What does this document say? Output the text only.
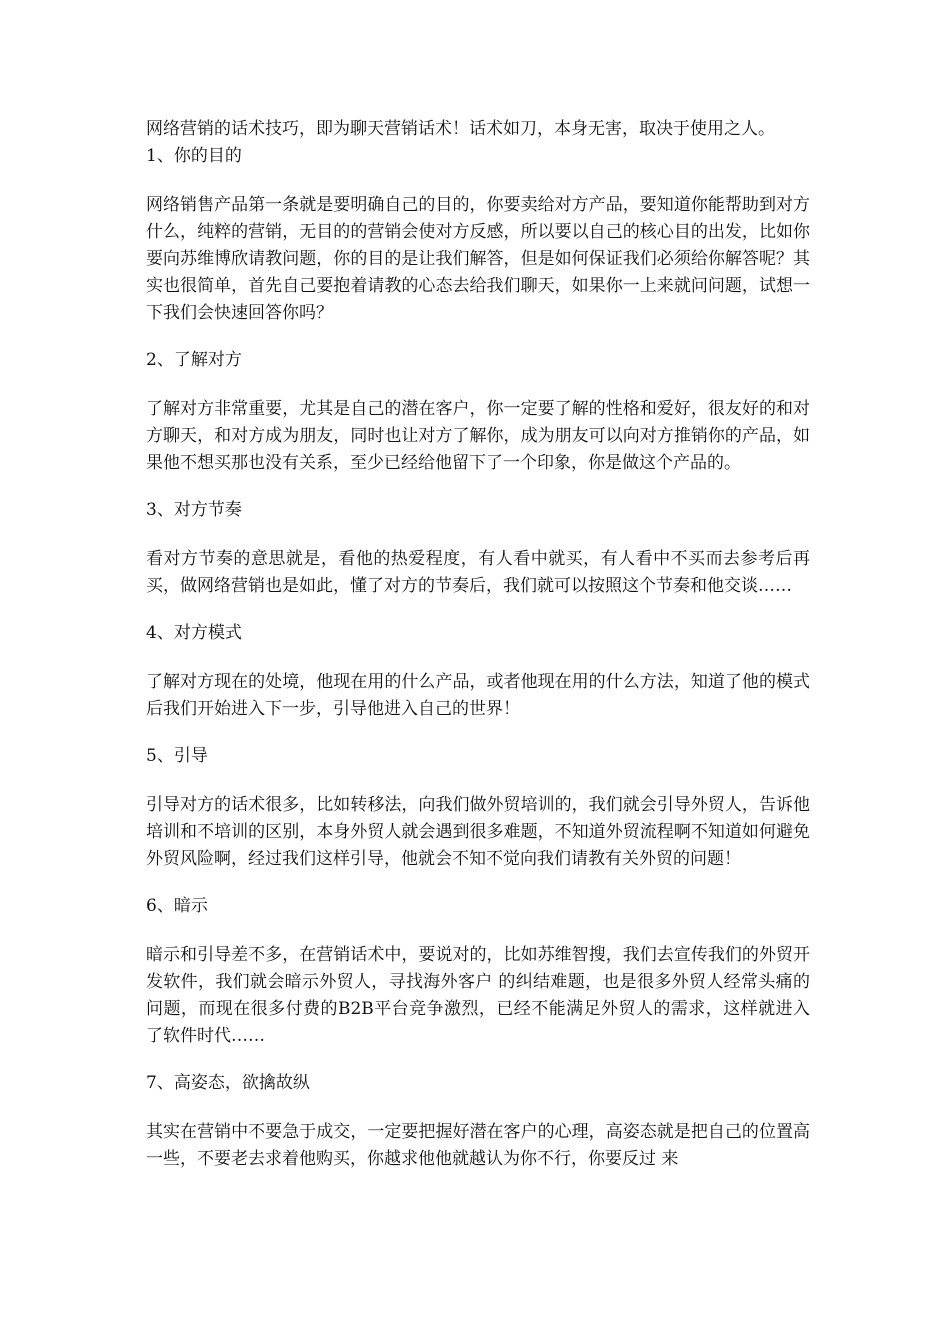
网络营销的话术技巧，即为聊天营销话术！话术如刀，本身无害，取决于使用之人。

1、你的目的

网络销售产品第一条就是要明确自己的目的，你要卖给对方产品，要知道你能帮助到对方什么，纯粹的营销，无目的的营销会使对方反感，所以要以自己的核心目的出发，比如你要向苏维博欣请教问题，你的目的是让我们解答，但是如何保证我们必须给你解答呢？其实也很简单，首先自己要抱着请教的心态去给我们聊天，如果你一上来就问问题，试想一下我们会快速回答你吗？

2、了解对方

了解对方非常重要，尤其是自己的潜在客户，你一定要了解的性格和爱好，很友好的和对方聊天，和对方成为朋友，同时也让对方了解你，成为朋友可以向对方推销你的产品，如果他不想买那也没有关系，至少已经给他留下了一个印象，你是做这个产品的。

3、对方节奏

看对方节奏的意思就是，看他的热爱程度，有人看中就买，有人看中不买而去参考后再买，做网络营销也是如此，懂了对方的节奏后，我们就可以按照这个节奏和他交谈……

4、对方模式

了解对方现在的处境，他现在用的什么产品，或者他现在用的什么方法，知道了他的模式后我们开始进入下一步，引导他进入自己的世界！

5、引导

引导对方的话术很多，比如转移法，向我们做外贸培训的，我们就会引导外贸人，告诉他培训和不培训的区别，本身外贸人就会遇到很多难题，不知道外贸流程啊不知道如何避免外贸风险啊，经过我们这样引导，他就会不知不觉向我们请教有关外贸的问题！

6、暗示

暗示和引导差不多，在营销话术中，要说对的，比如苏维智搜，我们去宣传我们的外贸开发软件，我们就会暗示外贸人，寻找海外客户 的纠结难题，也是很多外贸人经常头痛的问题，而现在很多付费的B2B平台竞争激烈，已经不能满足外贸人的需求，这样就进入了软件时代……

7、高姿态，欲擒故纵

其实在营销中不要急于成交，一定要把握好潜在客户的心理，高姿态就是把自己的位置高一些，不要老去求着他购买，你越求他他就越认为你不行，你要反过 来
